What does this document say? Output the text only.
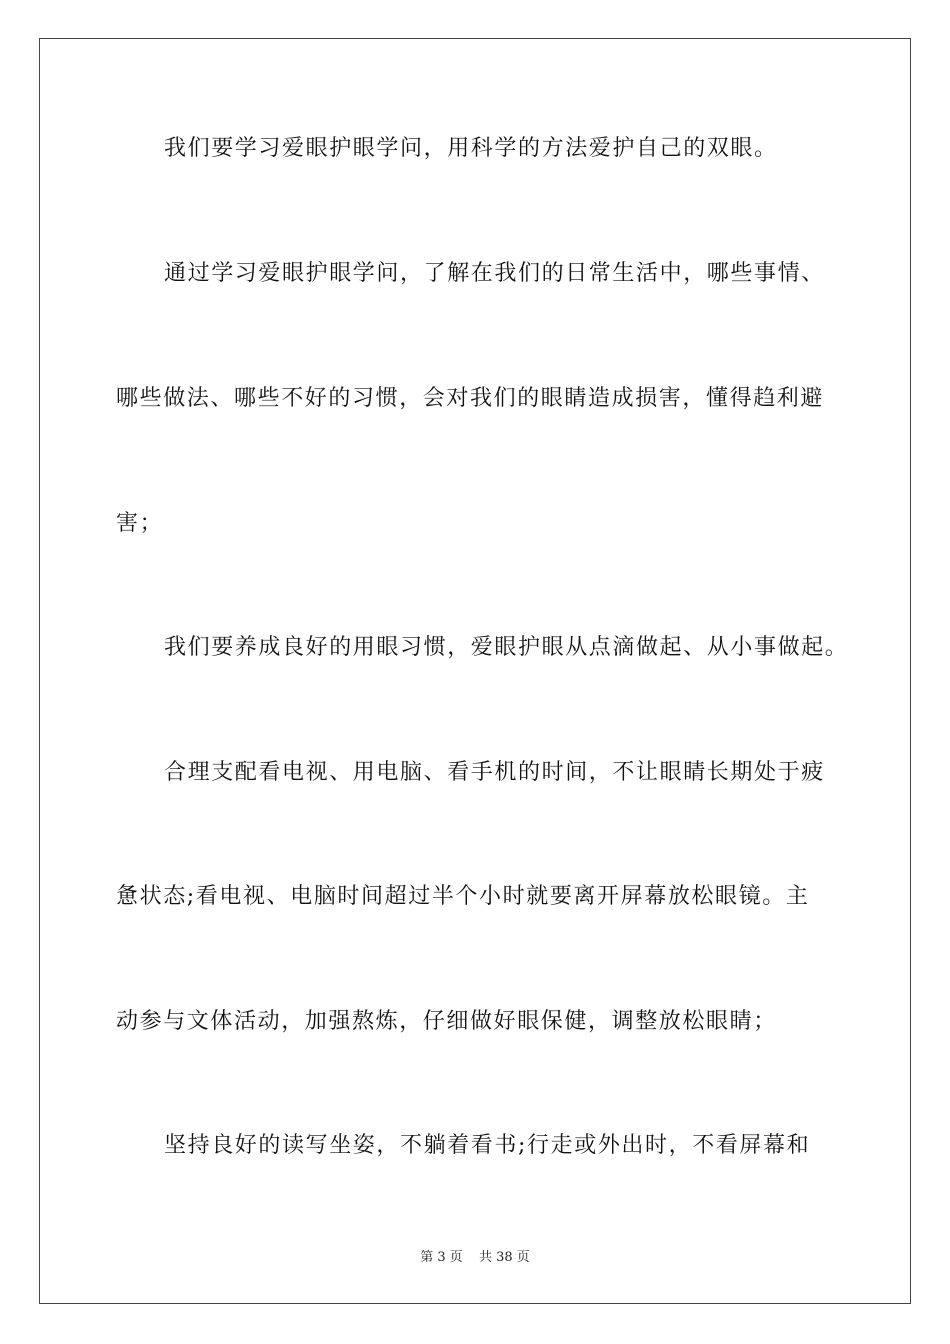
我们要学习爱眼护眼学问，用科学的方法爱护自己的双眼。
通过学习爱眼护眼学问，了解在我们的日常生活中，哪些事情、
哪些做法、哪些不好的习惯，会对我们的眼睛造成损害，懂得趋利避
害；
我们要养成良好的用眼习惯，爱眼护眼从点滴做起、从小事做起。
合理支配看电视、用电脑、看手机的时间，不让眼睛长期处于疲
惫状态;看电视、电脑时间超过半个小时就要离开屏幕放松眼镜。主
动参与文体活动，加强熬炼，仔细做好眼保健，调整放松眼睛；
坚持良好的读写坐姿，不躺着看书;行走或外出时，不看屏幕和
第 3 页 共 38 页
